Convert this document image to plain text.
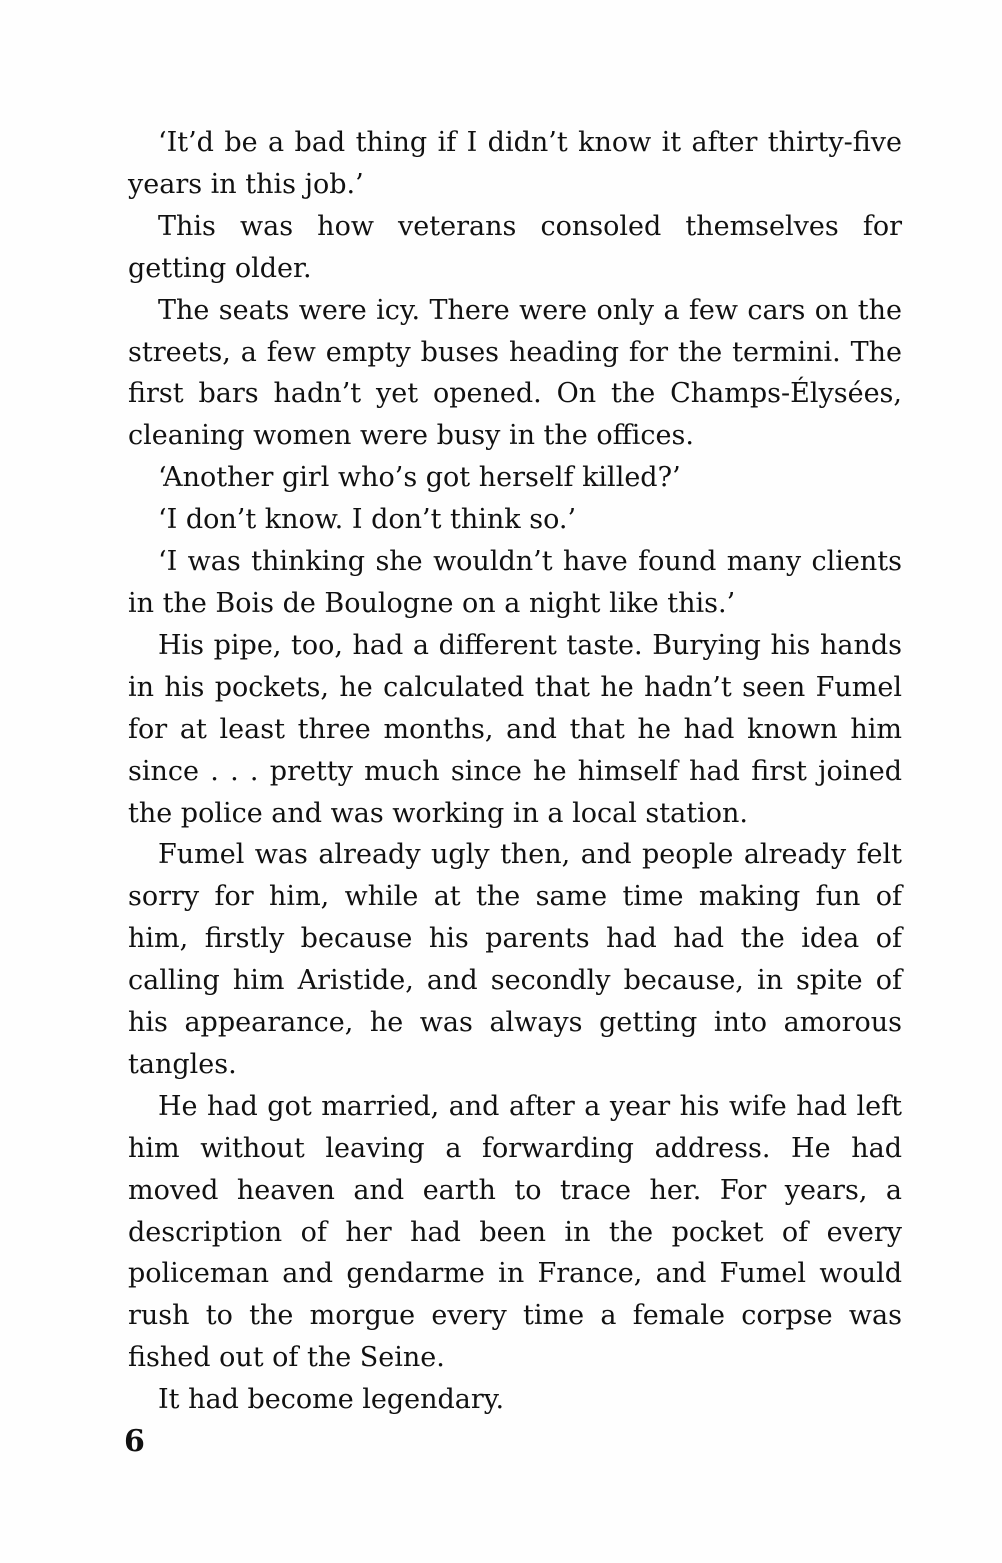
‘It’d be a bad thing if I didn’t know it after thirty-five years in this job.’

This was how veterans consoled themselves for getting older.

The seats were icy. There were only a few cars on the streets, a few empty buses heading for the termini. The first bars hadn’t yet opened. On the Champs-Élysées, cleaning women were busy in the offices.

‘Another girl who’s got herself killed?’

‘I don’t know. I don’t think so.’

‘I was thinking she wouldn’t have found many clients in the Bois de Boulogne on a night like this.’

His pipe, too, had a different taste. Burying his hands in his pockets, he calculated that he hadn’t seen Fumel for at least three months, and that he had known him since . . . pretty much since he himself had first joined the police and was working in a local station.

Fumel was already ugly then, and people already felt sorry for him, while at the same time making fun of him, firstly because his parents had had the idea of calling him Aristide, and secondly because, in spite of his appearance, he was always getting into amorous tangles.

He had got married, and after a year his wife had left him without leaving a forwarding address. He had moved heaven and earth to trace her. For years, a description of her had been in the pocket of every policeman and gendarme in France, and Fumel would rush to the morgue every time a female corpse was fished out of the Seine.

It had become legendary.

6
